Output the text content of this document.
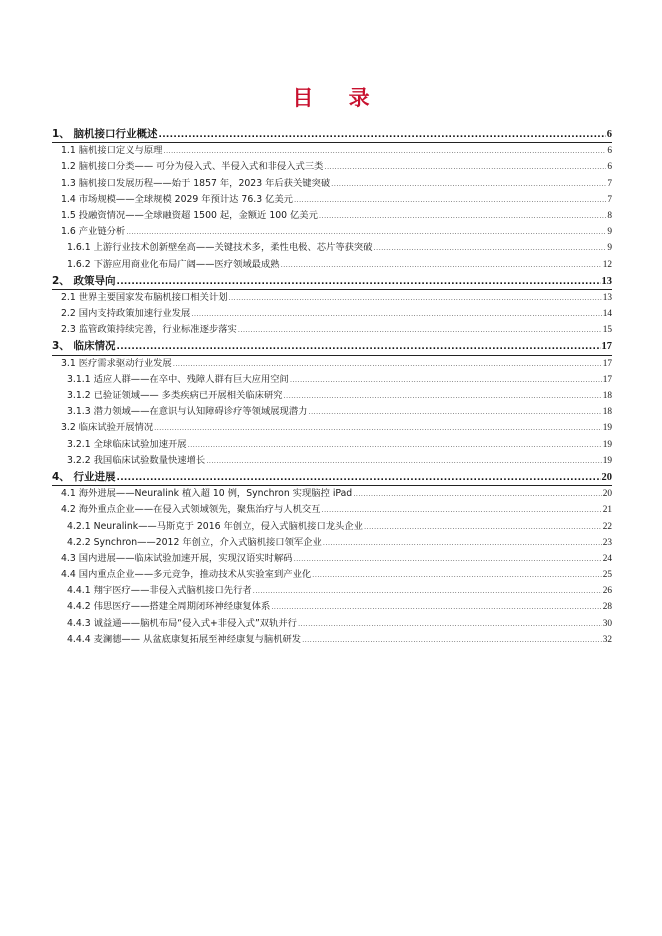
目 录
1、 脑机接口行业概述 .....	6
1.1 脑机接口定义与原理 .....	6
1.2 脑机接口分类—— 可分为侵入式、半侵入式和非侵入式三类 .....	6
1.3 脑机接口发展历程——始于 1857 年，2023 年后获关键突破 .....	7
1.4 市场规模——全球规模 2029 年预计达 76.3 亿美元 .....	7
1.5 投融资情况——全球融资超 1500 起，金额近 100 亿美元 .....	8
1.6 产业链分析 .....	9
1.6.1 上游行业技术创新壁垒高——关键技术多，柔性电极、芯片等获突破 .....	9
1.6.2 下游应用商业化布局广阔——医疗领域最成熟 .....	12
2、 政策导向 .....	13
2.1 世界主要国家发布脑机接口相关计划 .....	13
2.2 国内支持政策加速行业发展 .....	14
2.3 监管政策持续完善，行业标准逐步落实 .....	15
3、 临床情况 .....	17
3.1 医疗需求驱动行业发展 .....	17
3.1.1 适应人群——在卒中、残障人群有巨大应用空间 .....	17
3.1.2 已验证领域—— 多类疾病已开展相关临床研究 .....	18
3.1.3 潜力领域——在意识与认知障碍诊疗等领域展现潜力 .....	18
3.2 临床试验开展情况 .....	19
3.2.1 全球临床试验加速开展 .....	19
3.2.2 我国临床试验数量快速增长 .....	19
4、 行业进展 .....	20
4.1 海外进展——Neuralink 植入超 10 例，Synchron 实现脑控 iPad .....	20
4.2 海外重点企业——在侵入式领域领先，聚焦治疗与人机交互 .....	21
4.2.1 Neuralink——马斯克于 2016 年创立，侵入式脑机接口龙头企业 .....	22
4.2.2 Synchron——2012 年创立，介入式脑机接口领军企业 .....	23
4.3 国内进展——临床试验加速开展，实现汉语实时解码 .....	24
4.4 国内重点企业——多元竞争，推动技术从实验室到产业化 .....	25
4.4.1 翔宇医疗——非侵入式脑机接口先行者 .....	26
4.4.2 伟思医疗——搭建全周期闭环神经康复体系 .....	28
4.4.3 诚益通——脑机布局“侵入式+非侵入式”双轨并行 .....	30
4.4.4 麦澜德—— 从盆底康复拓展至神经康复与脑机研发 .....	32
